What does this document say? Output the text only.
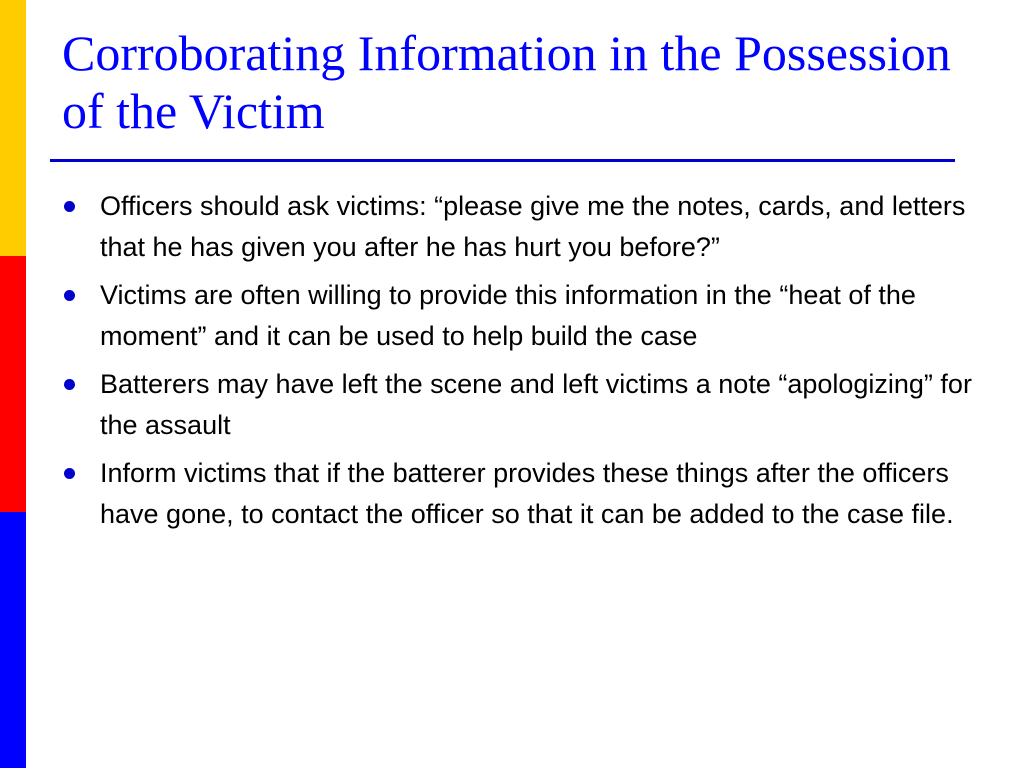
Corroborating Information in the Possession of the Victim
Officers should ask victims: “please give me the notes, cards, and letters that he has given you after he has hurt you before?”
Victims are often willing to provide this information in the “heat of the moment” and it can be used to help build the case
Batterers may have left the scene and left victims a note “apologizing” for the assault
Inform victims that if the batterer provides these things after the officers have gone, to contact the officer so that it can be added to the case file.
